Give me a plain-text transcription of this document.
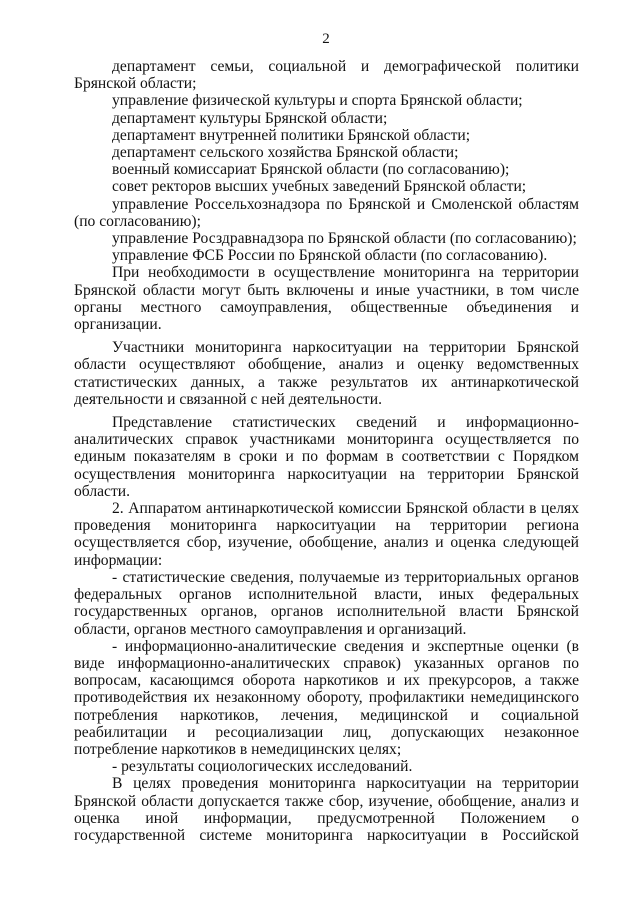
2

департамент семьи, социальной и демографической политики Брянской области;

управление физической культуры и спорта Брянской области;

департамент культуры Брянской области;

департамент внутренней политики Брянской области;

департамент сельского хозяйства Брянской области;

военный комиссариат Брянской области (по согласованию);

совет ректоров высших учебных заведений Брянской области;

управление Россельхознадзора по Брянской и Смоленской областям (по согласованию);

управление Росздравнадзора по Брянской области (по согласованию);

управление ФСБ России по Брянской области (по согласованию).

При необходимости в осуществление мониторинга на территории Брянской области могут быть включены и иные участники, в том числе органы местного самоуправления, общественные объединения и организации.

Участники мониторинга наркоситуации на территории Брянской области осуществляют обобщение, анализ и оценку ведомственных статистических данных, а также результатов их антинаркотической деятельности и связанной с ней деятельности.

Представление статистических сведений и информационно-аналитических справок участниками мониторинга осуществляется по единым показателям в сроки и по формам в соответствии с Порядком осуществления мониторинга наркоситуации на территории Брянской области.

2. Аппаратом антинаркотической комиссии Брянской области в целях проведения мониторинга наркоситуации на территории региона осуществляется сбор, изучение, обобщение, анализ и оценка следующей информации:

- статистические сведения, получаемые из территориальных органов федеральных органов исполнительной власти, иных федеральных государственных органов, органов исполнительной власти Брянской области, органов местного самоуправления и организаций.

- информационно-аналитические сведения и экспертные оценки (в виде информационно-аналитических справок) указанных органов по вопросам, касающимся оборота наркотиков и их прекурсоров, а также противодействия их незаконному обороту, профилактики немедицинского потребления наркотиков, лечения, медицинской и социальной реабилитации и ресоциализации лиц, допускающих незаконное потребление наркотиков в немедицинских целях;

- результаты социологических исследований.

В целях проведения мониторинга наркоситуации на территории Брянской области допускается также сбор, изучение, обобщение, анализ и оценка иной информации, предусмотренной Положением о государственной системе мониторинга наркоситуации в Российской
